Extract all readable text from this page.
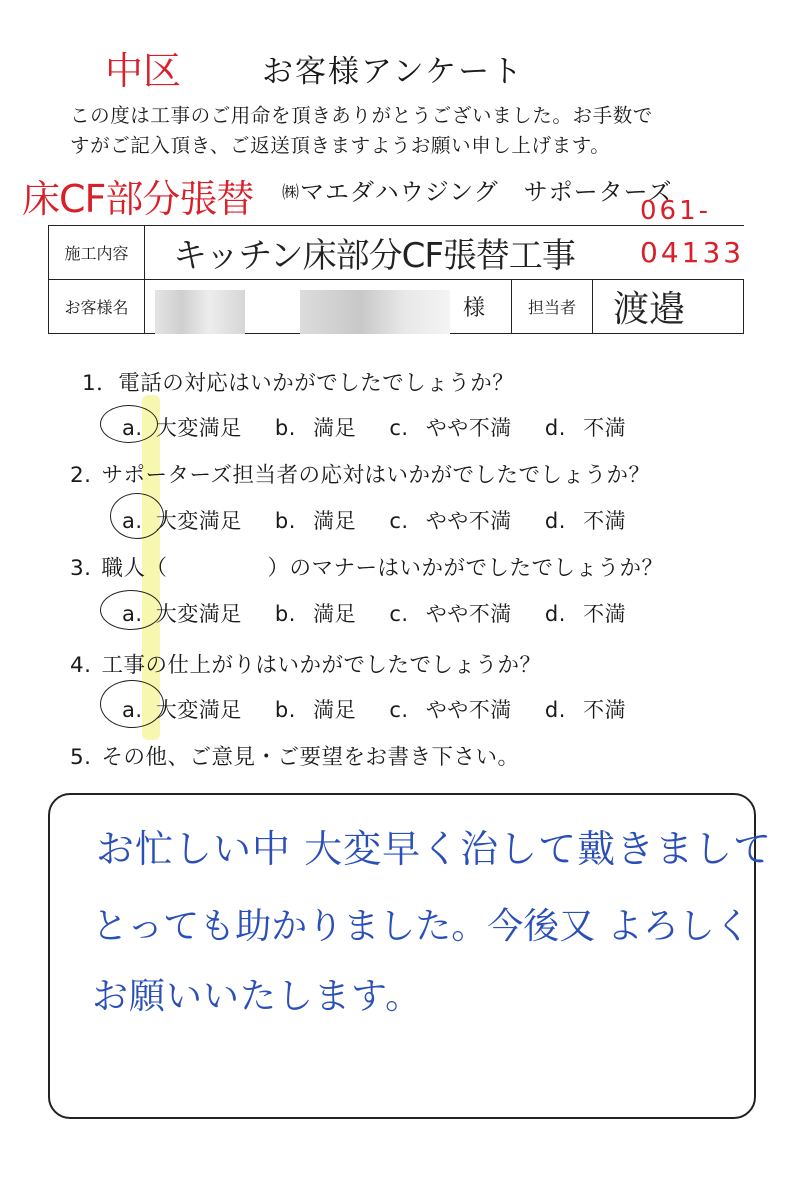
中区	お客様アンケート
この度は工事のご用命を頂きありがとうございました。お手数で
すがご記入頂き、ご返送頂きますようお願い申し上げます。
床CF部分張替 ㈱マエダハウジング　サポーターズ
061-
04133
施工内容	キッチン床部分CF張替工事			
お客様名		様	担当者	渡邉
1．電話の対応はいかがでしたでしょうか？
a. 大変満足 b. 満足 c. やや不満 d. 不満
2. サポーターズ担当者の応対はいかがでしたでしょうか？
a. 大変満足 b. 満足 c. やや不満 d. 不満
3. 職人（	）のマナーはいかがでしたでしょうか？
a. 大変満足 b. 満足 c. やや不満 d. 不満
4. 工事の仕上がりはいかがでしたでしょうか？
a. 大変満足 b. 満足 c. やや不満 d. 不満
5. その他、ご意見・ご要望をお書き下さい。
お忙しい中 大変早く治して戴きまして
とっても助かりました。今後又 よろしく
お願いいたします。
